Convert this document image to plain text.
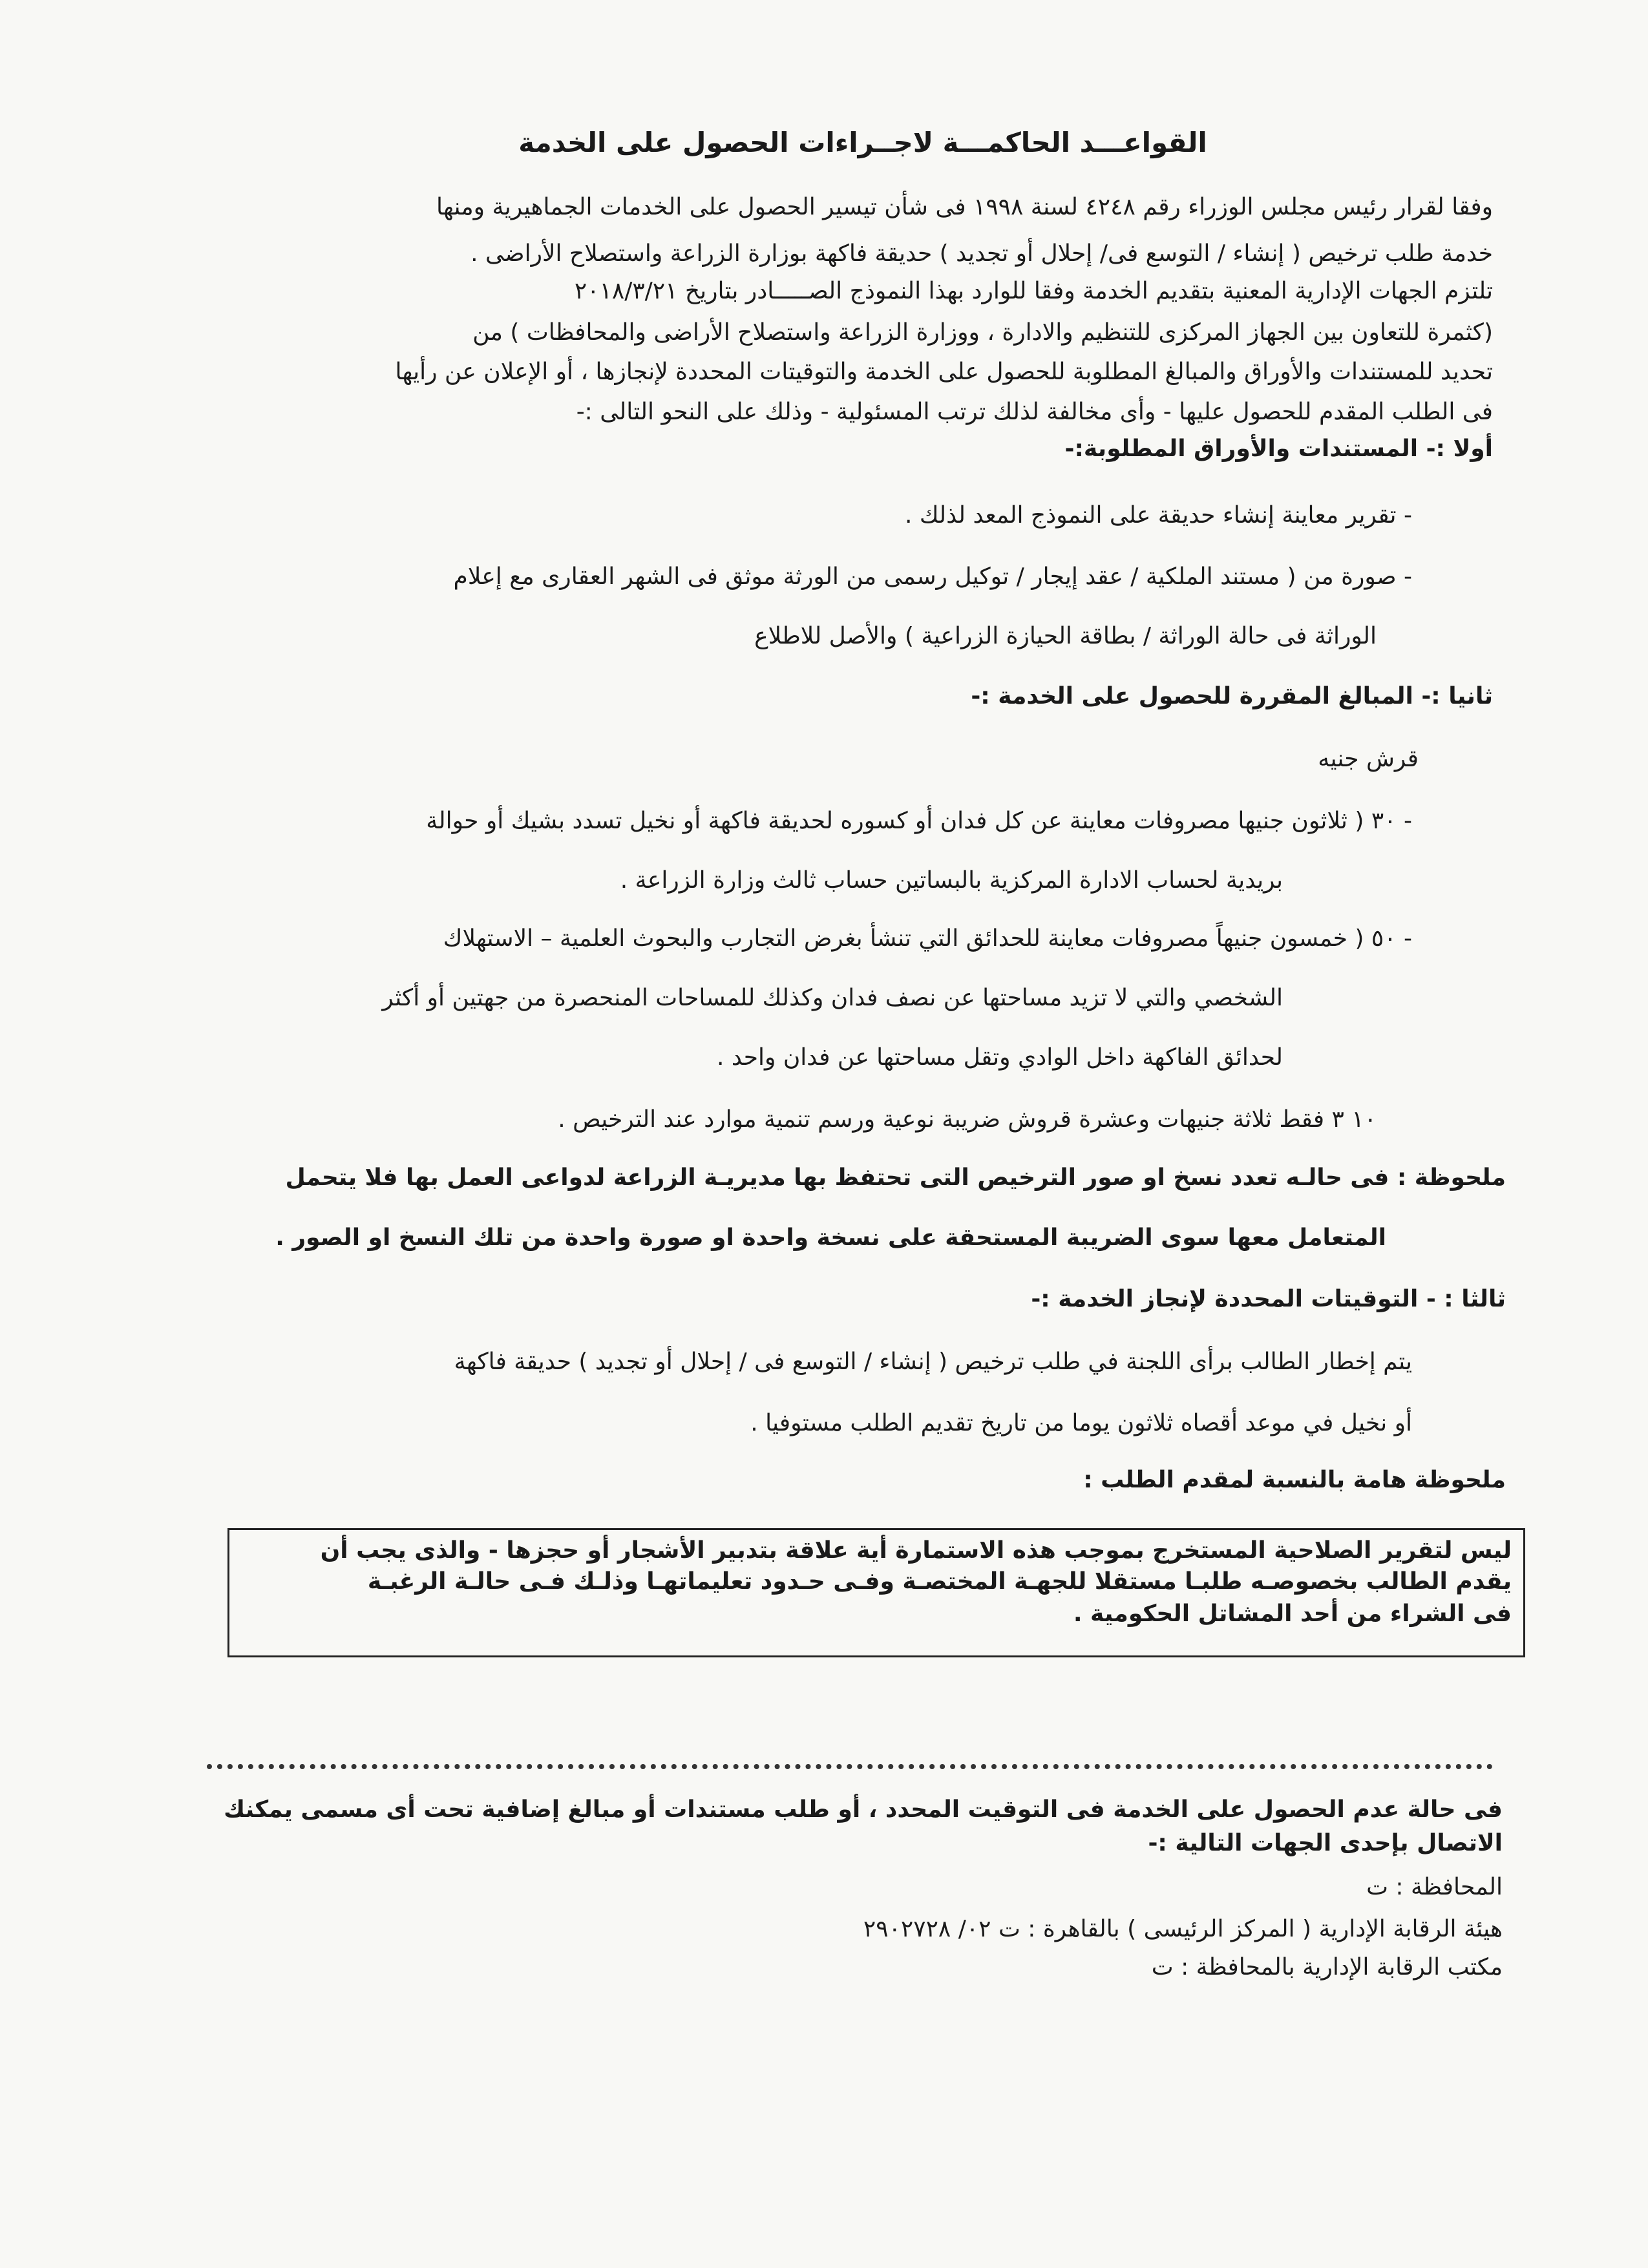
القواعـــد الحاكمـــة لاجــراءات الحصول على الخدمة
وفقا لقرار رئيس مجلس الوزراء رقم ٤٢٤٨ لسنة ١٩٩٨ فى شأن تيسير الحصول على الخدمات الجماهيرية ومنها
خدمة طلب ترخيص ( إنشاء / التوسع فى/ إحلال أو تجديد ) حديقة فاكهة بوزارة الزراعة واستصلاح الأراضى .
تلتزم الجهات الإدارية المعنية بتقديم الخدمة وفقا للوارد بهذا النموذج الصـــــادر بتاريخ ٢٠١٨/٣/٢١
(كثمرة للتعاون بين الجهاز المركزى للتنظيم والادارة ، ووزارة الزراعة واستصلاح الأراضى والمحافظات ) من
تحديد للمستندات والأوراق والمبالغ المطلوبة للحصول على الخدمة والتوقيتات المحددة لإنجازها ، أو الإعلان عن رأيها
فى الطلب المقدم للحصول عليها - وأى مخالفة لذلك ترتب المسئولية - وذلك على النحو التالى :-
أولا :- المستندات والأوراق المطلوبة:-
- تقرير معاينة إنشاء حديقة على النموذج المعد لذلك .
- صورة من ( مستند الملكية / عقد إيجار / توكيل رسمى من الورثة موثق فى الشهر العقارى مع إعلام
الوراثة فى حالة الوراثة / بطاقة الحيازة الزراعية ) والأصل للاطلاع
ثانيا :- المبالغ المقررة للحصول على الخدمة :-
قرش جنيه
- ٣٠ ( ثلاثون جنيها مصروفات معاينة عن كل فدان أو كسوره لحديقة فاكهة أو نخيل تسدد بشيك أو حوالة
بريدية لحساب الادارة المركزية بالبساتين حساب ثالث وزارة الزراعة .
- ٥٠ ( خمسون جنيهاً مصروفات معاينة للحدائق التي تنشأ بغرض التجارب والبحوث العلمية – الاستهلاك
الشخصي والتي لا تزيد مساحتها عن نصف فدان وكذلك للمساحات المنحصرة من جهتين أو أكثر
لحدائق الفاكهة داخل الوادي وتقل مساحتها عن فدان واحد .
١٠ ٣ فقط ثلاثة جنيهات وعشرة قروش ضريبة نوعية ورسم تنمية موارد عند الترخيص .
ملحوظة : فى حالـه تعدد نسخ او صور الترخيص التى تحتفظ بها مديريـة الزراعة لدواعى العمل بها فلا يتحمل
المتعامل معها سوى الضريبة المستحقة على نسخة واحدة او صورة واحدة من تلك النسخ او الصور .
ثالثا : - التوقيتات المحددة لإنجاز الخدمة :-
يتم إخطار الطالب برأى اللجنة في طلب ترخيص ( إنشاء / التوسع فى / إحلال أو تجديد ) حديقة فاكهة
أو نخيل في موعد أقصاه ثلاثون يوما من تاريخ تقديم الطلب مستوفيا .
ملحوظة هامة بالنسبة لمقدم الطلب :
ليس لتقرير الصلاحية المستخرج بموجب هذه الاستمارة أية علاقة بتدبير الأشجار أو حجزها - والذى يجب أن
يقدم الطالب بخصوصـه طلبـا مستقلا للجهـة المختصـة وفـى حـدود تعليماتهـا وذلـك فـى حالـة الرغبـة
فى الشراء من أحد المشاتل الحكومية .
فى حالة عدم الحصول على الخدمة فى التوقيت المحدد ، أو طلب مستندات أو مبالغ إضافية تحت أى مسمى يمكنك
الاتصال بإحدى الجهات التالية :-
المحافظة : ت
هيئة الرقابة الإدارية ( المركز الرئيسى ) بالقاهرة : ت ٠٢/ ٢٩٠٢٧٢٨
مكتب الرقابة الإدارية بالمحافظة : ت
